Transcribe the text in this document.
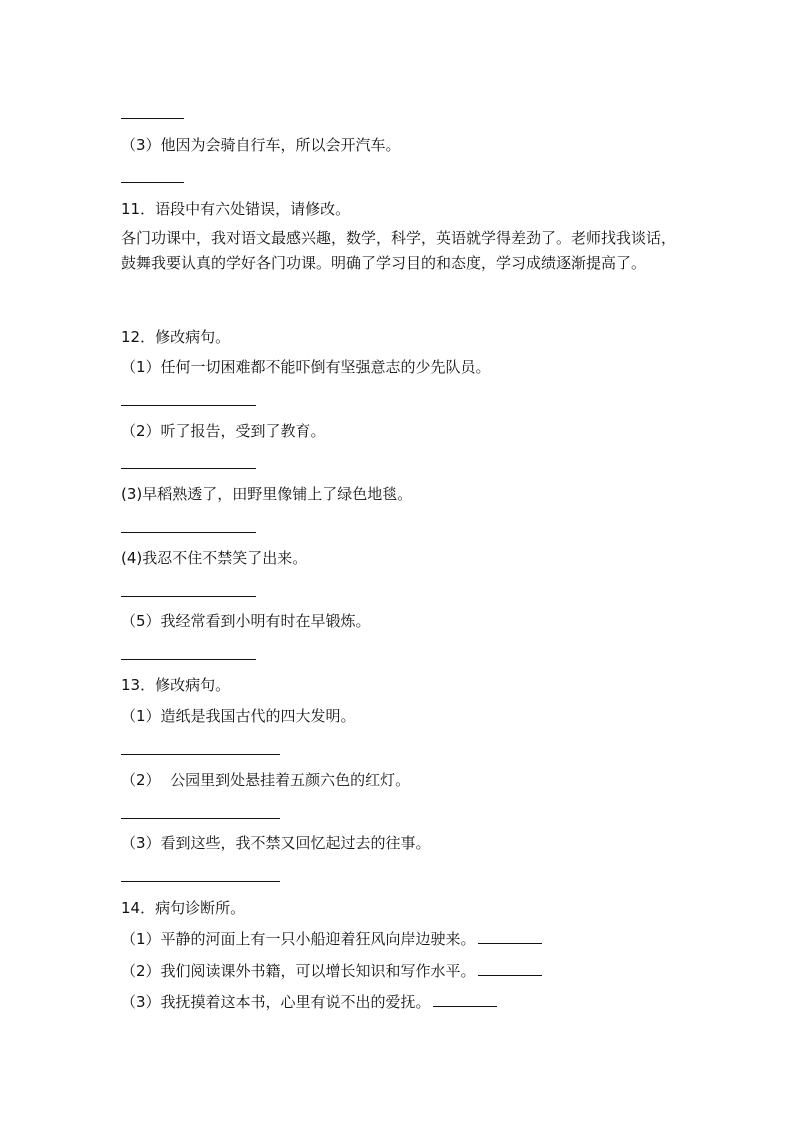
（3）他因为会骑自行车，所以会开汽车。
11．语段中有六处错误，请修改。
各门功课中，我对语文最感兴趣，数学，科学，英语就学得差劲了。老师找我谈话，鼓舞我要认真的学好各门功课。明确了学习目的和态度，学习成绩逐渐提高了。
12．修改病句。
（1）任何一切困难都不能吓倒有坚强意志的少先队员。
（2）听了报告，受到了教育。
(3)早稻熟透了，田野里像铺上了绿色地毯。
(4)我忍不住不禁笑了出来。
（5）我经常看到小明有时在早锻炼。
13．修改病句。
（1）造纸是我国古代的四大发明。
（2）  公园里到处悬挂着五颜六色的红灯。
（3）看到这些，我不禁又回忆起过去的往事。
14．病句诊断所。
（1）平静的河面上有一只小船迎着狂风向岸边驶来。
（2）我们阅读课外书籍，可以增长知识和写作水平。
（3）我抚摸着这本书，心里有说不出的爱抚。
